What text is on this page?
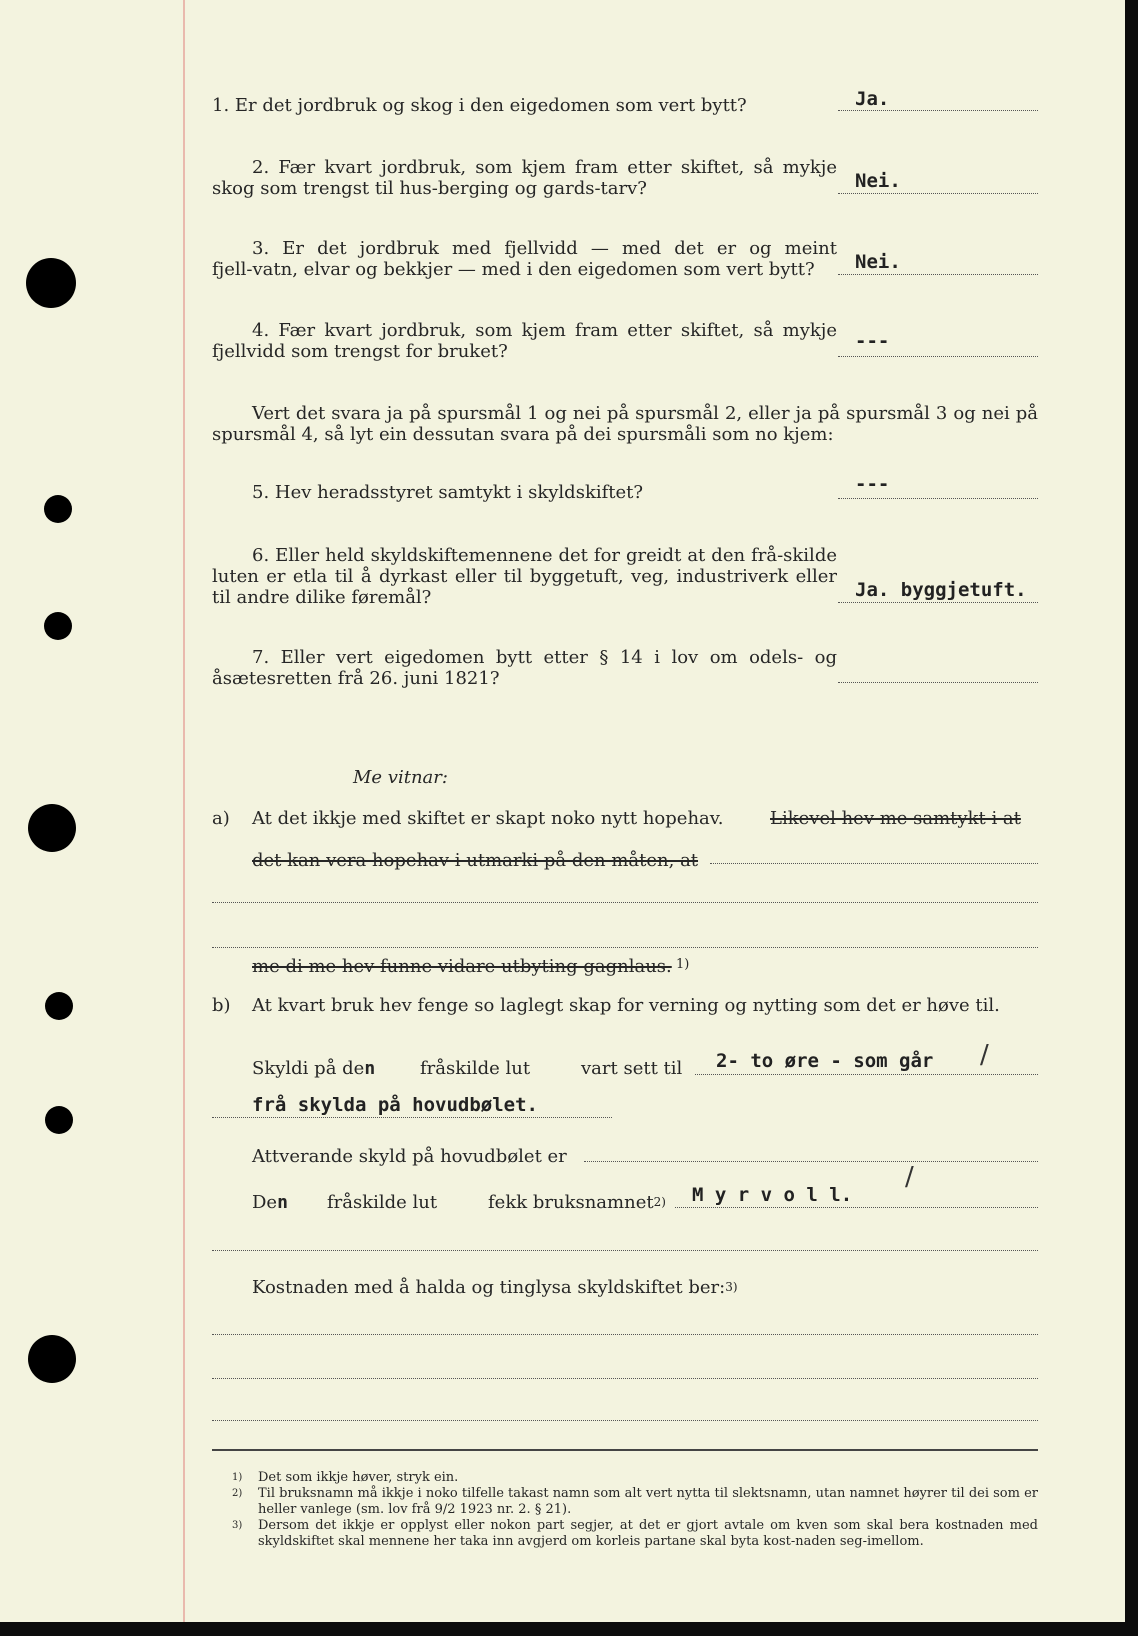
1. Er det jordbruk og skog i den eigedomen som vert bytt?	Ja.
2. Fær kvart jordbruk, som kjem fram etter skiftet, så mykje skog som trengst til hus‑berging og gards‑tarv?	Nei.
3. Er det jordbruk med fjellvidd — med det er og meint fjell‑vatn, elvar og bekkjer — med i den eigedomen som vert bytt?	Nei.
4. Fær kvart jordbruk, som kjem fram etter skiftet, så mykje fjellvidd som trengst for bruket?	---
Vert det svara ja på spursmål 1 og nei på spursmål 2, eller ja på spursmål 3 og nei på spursmål 4, så lyt ein dessutan svara på dei spursmåli som no kjem:
5. Hev heradsstyret samtykt i skyldskiftet?	---
6. Eller held skyldskiftemennene det for greidt at den frå‑skilde luten er etla til å dyrkast eller til byggetuft, veg, industriverk eller til andre dilike føremål?	Ja. byggjetuft.
7. Eller vert eigedomen bytt etter § 14 i lov om odels‑ og åsætesretten frå 26. juni 1821?
Me vitnar:
a) At det ikkje med skiftet er skapt noko nytt hopehav.	Likevel hev me samtykt i at
det kan vera hopehav i utmarki på den måten, at
me di me hev funne vidare utbyting gagnlaus. 1)
b) At kvart bruk hev fenge so laglegt skap for verning og nytting som det er høve til.
Skyldi på den fråskilde lut	vart sett til 2- to øre - som går /
frå skylda på hovudbølet.
Attverande skyld på hovudbølet er
Den fråskilde lut	fekk bruksnamnet$^{2)}$ M y r v o l l.
/
Kostnaden med å halda og tinglysa skyldskiftet ber:$^{3)}$
1) Det som ikkje høver, stryk ein.
2) Til bruksnamn må ikkje i noko tilfelle takast namn som alt vert nytta til slektsnamn, utan namnet høyrer til dei som er heller vanlege (sm. lov frå 9/2 1923 nr. 2. § 21).
3) Dersom det ikkje er opplyst eller nokon part segjer, at det er gjort avtale om kven som skal bera kostnaden med skyldskiftet skal mennene her taka inn avgjerd om korleis partane skal byta kost‑naden seg‑imellom.
